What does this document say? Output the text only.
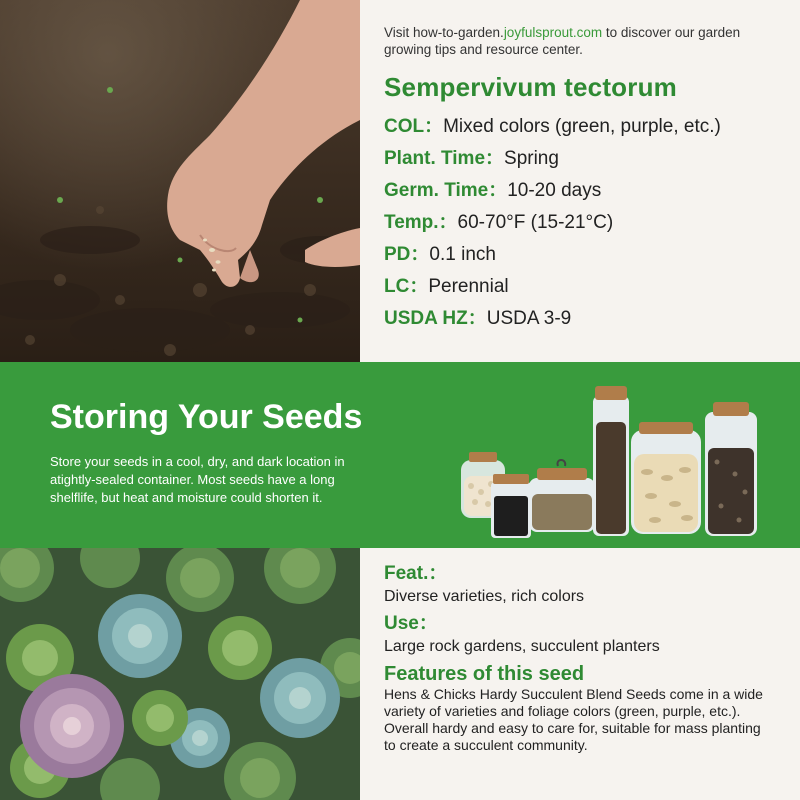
Visit how-to-garden.joyfulsprout.com to discover our garden growing tips and resource center.

Sempervivum tectorum
COL：Mixed colors (green, purple, etc.)
Plant. Time：Spring
Germ. Time：10-20 days
Temp.：60-70°F (15-21°C)
PD：0.1 inch
LC：Perennial
USDA HZ：USDA 3-9
Storing Your Seeds

Store your seeds in a cool, dry, and dark location in atightly-sealed container. Most seeds have a long shelflife, but heat and moisture could shorten it.

Feat.：
Diverse varieties, rich colors
Use：
Large rock gardens, succulent planters
Features of this seed

Hens & Chicks Hardy Succulent Blend Seeds come in a wide variety of varieties and foliage colors (green, purple, etc.). Overall hardy and easy to care for, suitable for mass planting to create a succulent community.
